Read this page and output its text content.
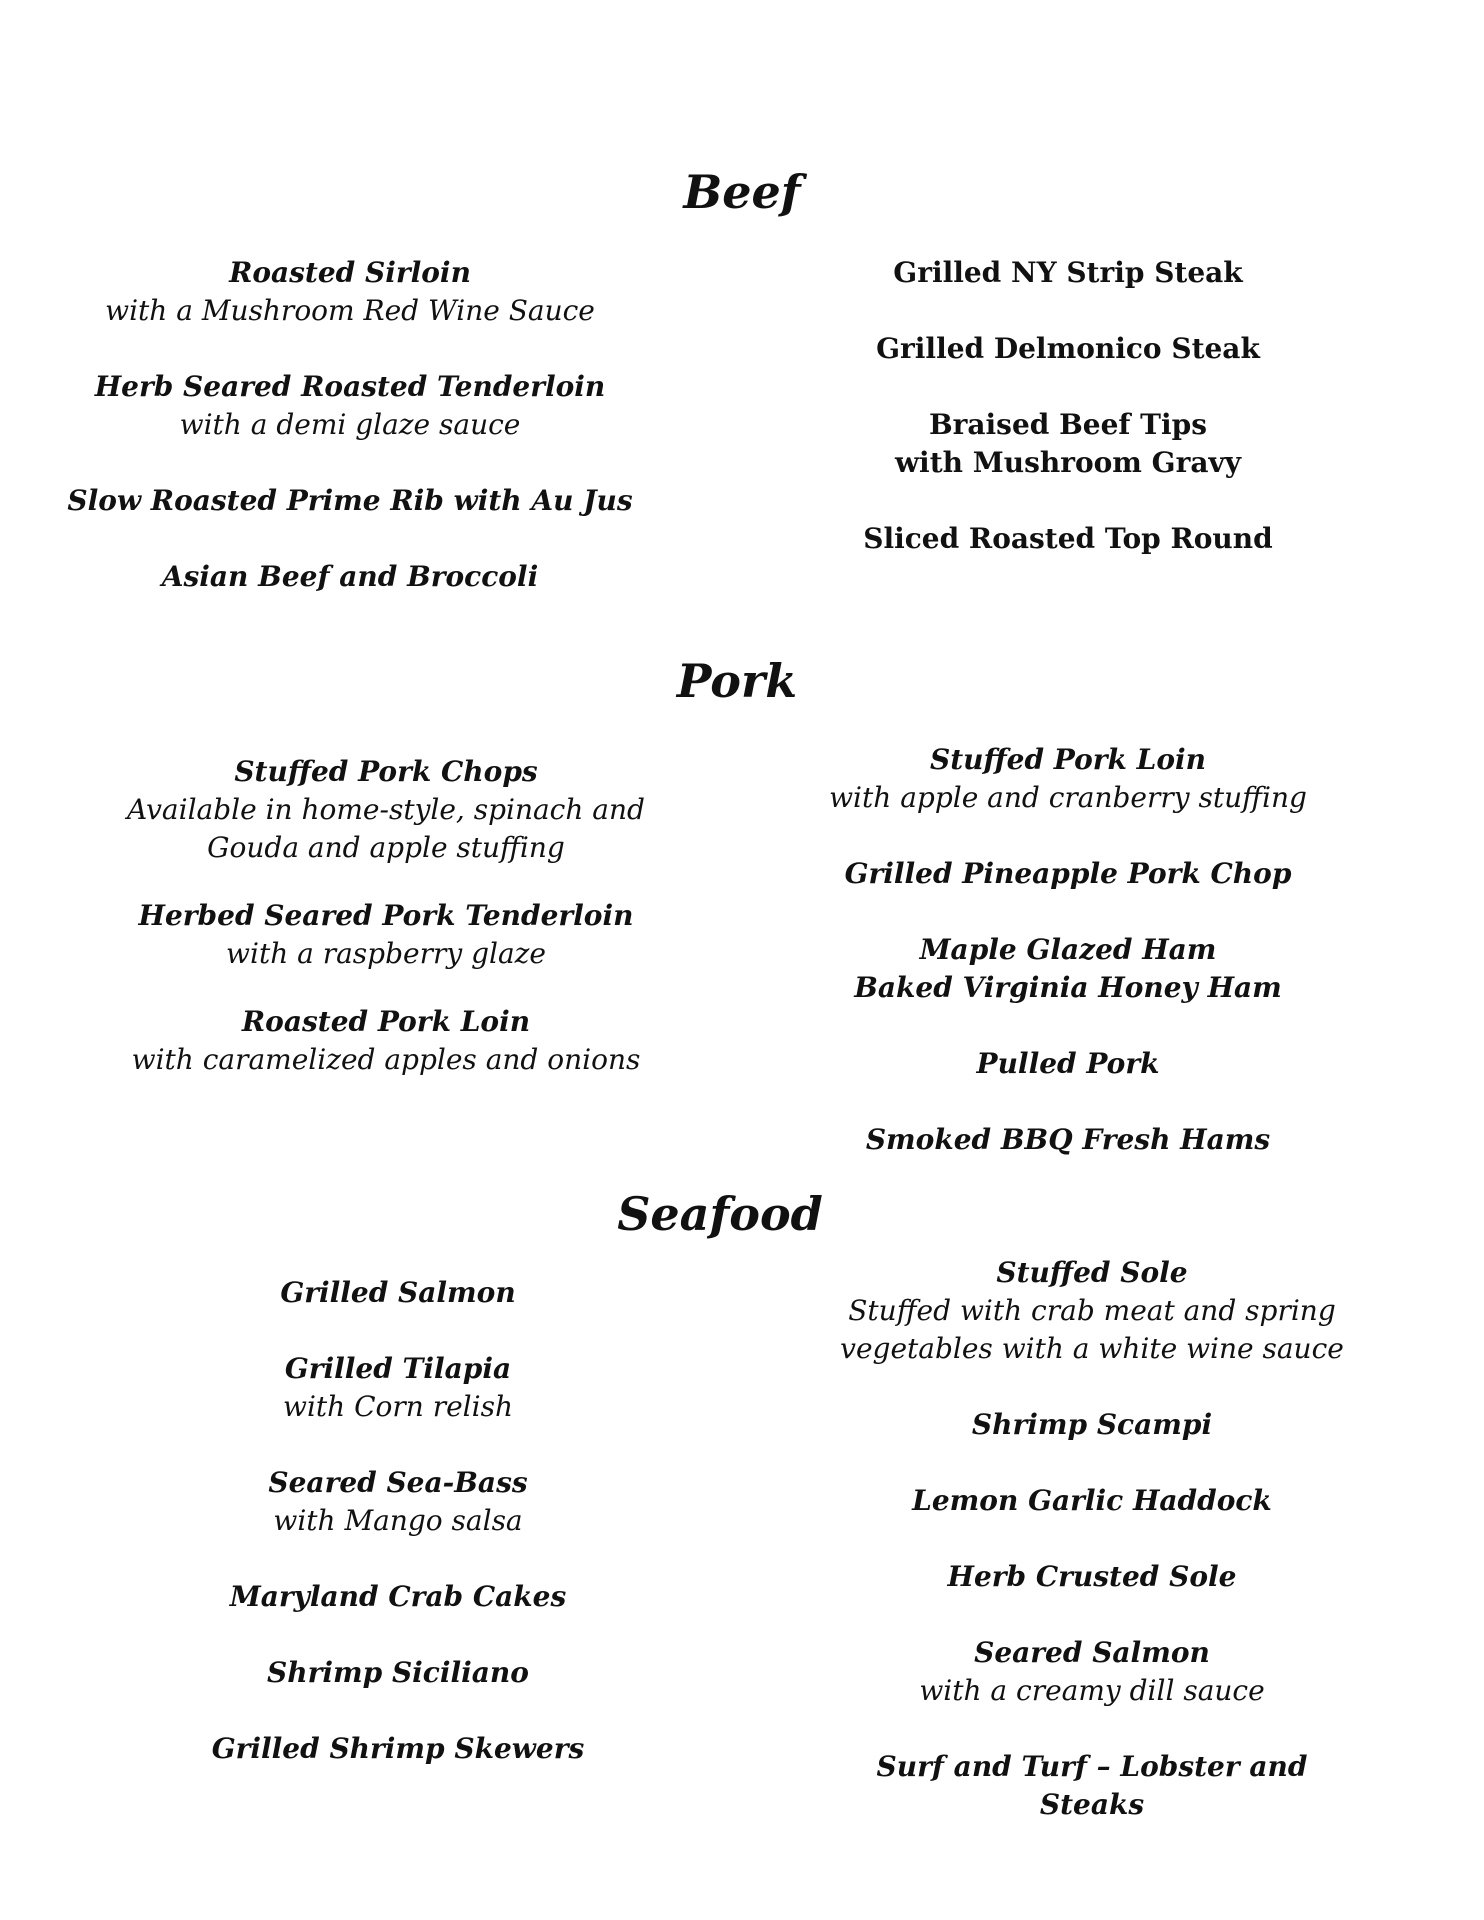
Beef
Roasted Sirloin
with a Mushroom Red Wine Sauce
Herb Seared Roasted Tenderloin
with a demi glaze sauce
Slow Roasted Prime Rib with Au Jus
Asian Beef and Broccoli
Grilled NY Strip Steak
Grilled Delmonico Steak
Braised Beef Tips
with Mushroom Gravy
Sliced Roasted Top Round
Pork
Stuffed Pork Chops
Available in home-style, spinach and
Gouda and apple stuffing
Herbed Seared Pork Tenderloin
with a raspberry glaze
Roasted Pork Loin
with caramelized apples and onions
Stuffed Pork Loin
with apple and cranberry stuffing
Grilled Pineapple Pork Chop
Maple Glazed Ham
Baked Virginia Honey Ham
Pulled Pork
Smoked BBQ Fresh Hams
Seafood
Grilled Salmon
Grilled Tilapia
with Corn relish
Seared Sea-Bass
with Mango salsa
Maryland Crab Cakes
Shrimp Siciliano
Grilled Shrimp Skewers
Stuffed Sole
Stuffed with crab meat and spring
vegetables with a white wine sauce
Shrimp Scampi
Lemon Garlic Haddock
Herb Crusted Sole
Seared Salmon
with a creamy dill sauce
Surf and Turf – Lobster and
Steaks
